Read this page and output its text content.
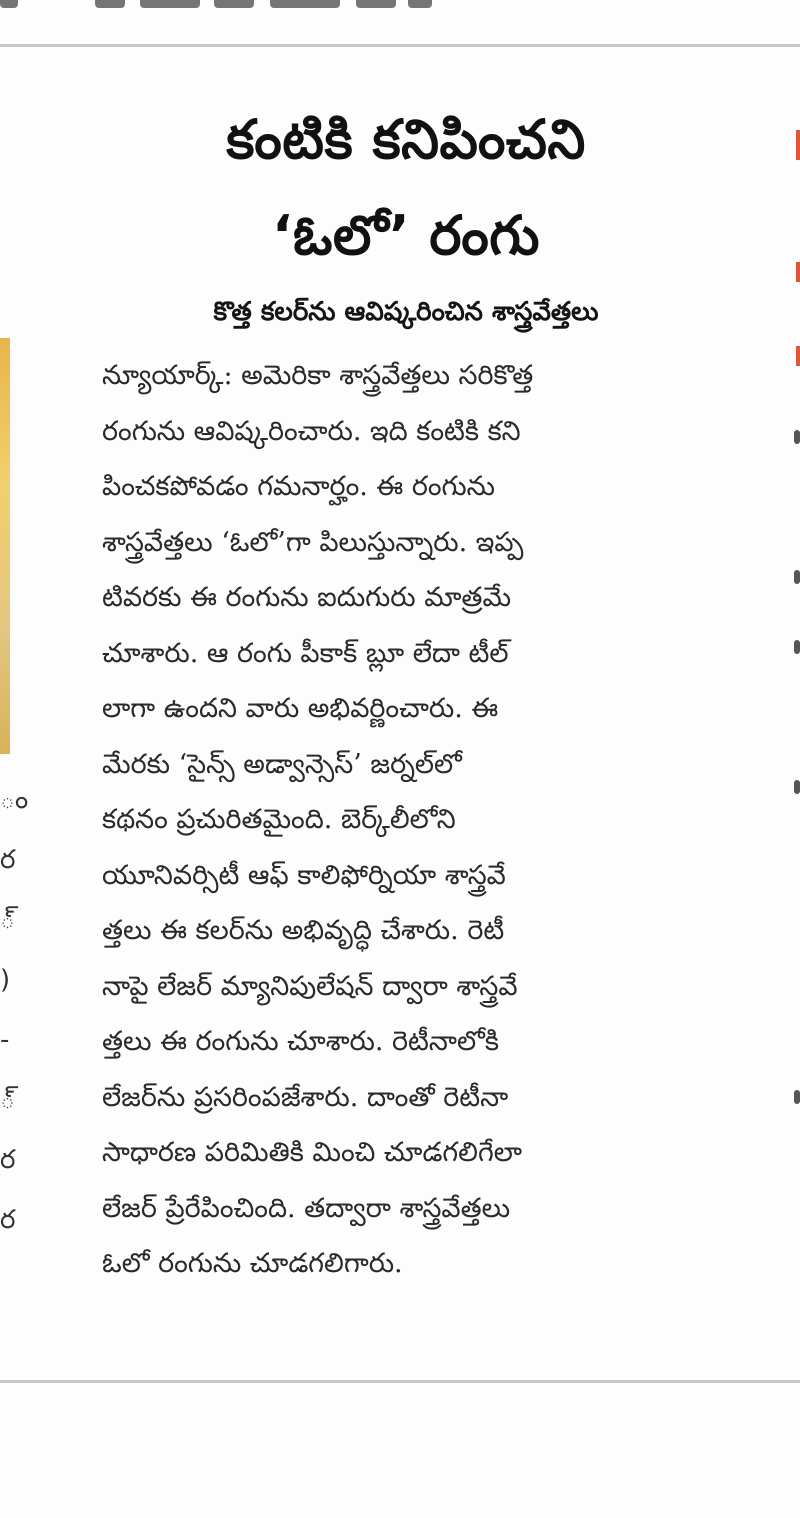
ం
ర
్
)
-
్
ర
ర
కంటికి కనిపించని
‘ఓలో’ రంగు
కొత్త కలర్‌ను ఆవిష్కరించిన శాస్త్రవేత్తలు
న్యూయార్క్: అమెరికా శాస్త్రవేత్తలు సరికొత్త
రంగును ఆవిష్కరించారు. ఇది కంటికి కని
పించకపోవడం గమనార్హం. ఈ రంగును
శాస్త్రవేత్తలు ‘ఓలో’గా పిలుస్తున్నారు. ఇప్ప
టివరకు ఈ రంగును ఐదుగురు మాత్రమే
చూశారు. ఆ రంగు పీకాక్ బ్లూ లేదా టీల్
లాగా ఉందని వారు అభివర్ణించారు. ఈ
మేరకు ‘సైన్స్ అడ్వాన్సెస్’ జర్నల్‌లో
కథనం ప్రచురితమైంది. బెర్క్‌లీలోని
యూనివర్సిటీ ఆఫ్ కాలిఫోర్నియా శాస్త్రవే
త్తలు ఈ కలర్‌ను అభివృద్ధి చేశారు. రెటీ
నాపై లేజర్ మ్యానిపులేషన్ ద్వారా శాస్త్రవే
త్తలు ఈ రంగును చూశారు. రెటీనాలోకి
లేజర్‌ను ప్రసరింపజేశారు. దాంతో రెటీనా
సాధారణ పరిమితికి మించి చూడగలిగేలా
లేజర్ ప్రేరేపించింది. తద్వారా శాస్త్రవేత్తలు
ఓలో రంగును చూడగలిగారు.
